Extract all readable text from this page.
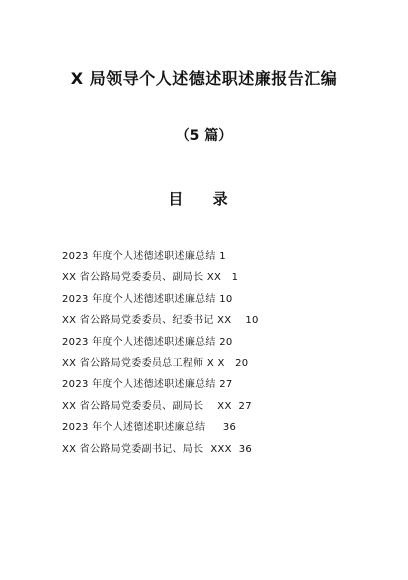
X 局领导个人述德述职述廉报告汇编
（5 篇）
目 录
2023 年度个人述德述职述廉总结 1
XX 省公路局党委委员、副局长 XX   1
2023 年度个人述德述职述廉总结 10
XX 省公路局党委委员、纪委书记 XX    10
2023 年度个人述德述职述廉总结 20
XX 省公路局党委委员总工程师 X X   20
2023 年度个人述德述职述廉总结 27
XX 省公路局党委委员、副局长    XX  27
2023 年个人述德述职述廉总结     36
XX 省公路局党委副书记、局长  XXX  36
